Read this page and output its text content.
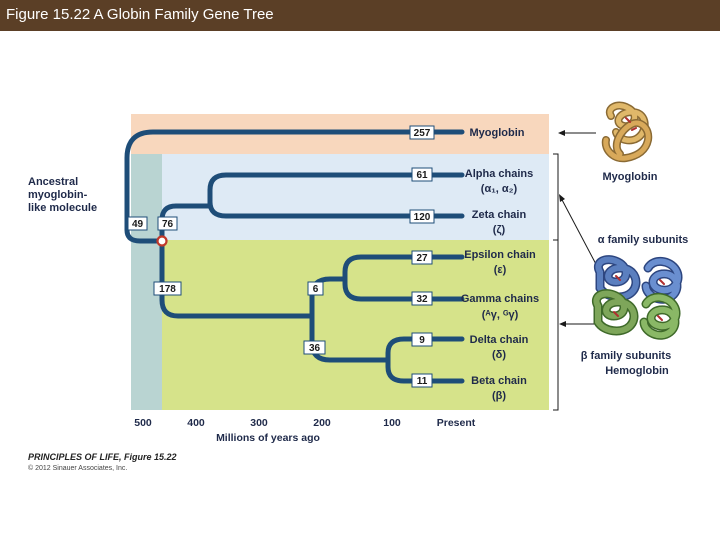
Figure 15.22 A Globin Family Gene Tree
257
61
120
27
32
9
11
49 76
178	6
36
Myoglobin
Alpha chains
(α₁, α₂)
Zeta chain
(ζ)
Epsilon chain
(ε)
Gamma chains
(ᴬγ, ᴳγ)
Delta chain
(δ)
Beta chain
(β)
Ancestral
myoglobin-
like molecule
500	400	300	200	100	Present
Millions of years ago
PRINCIPLES OF LIFE, Figure 15.22
© 2012 Sinauer Associates, Inc.
Myoglobin
α family subunits
β family subunits
Hemoglobin
